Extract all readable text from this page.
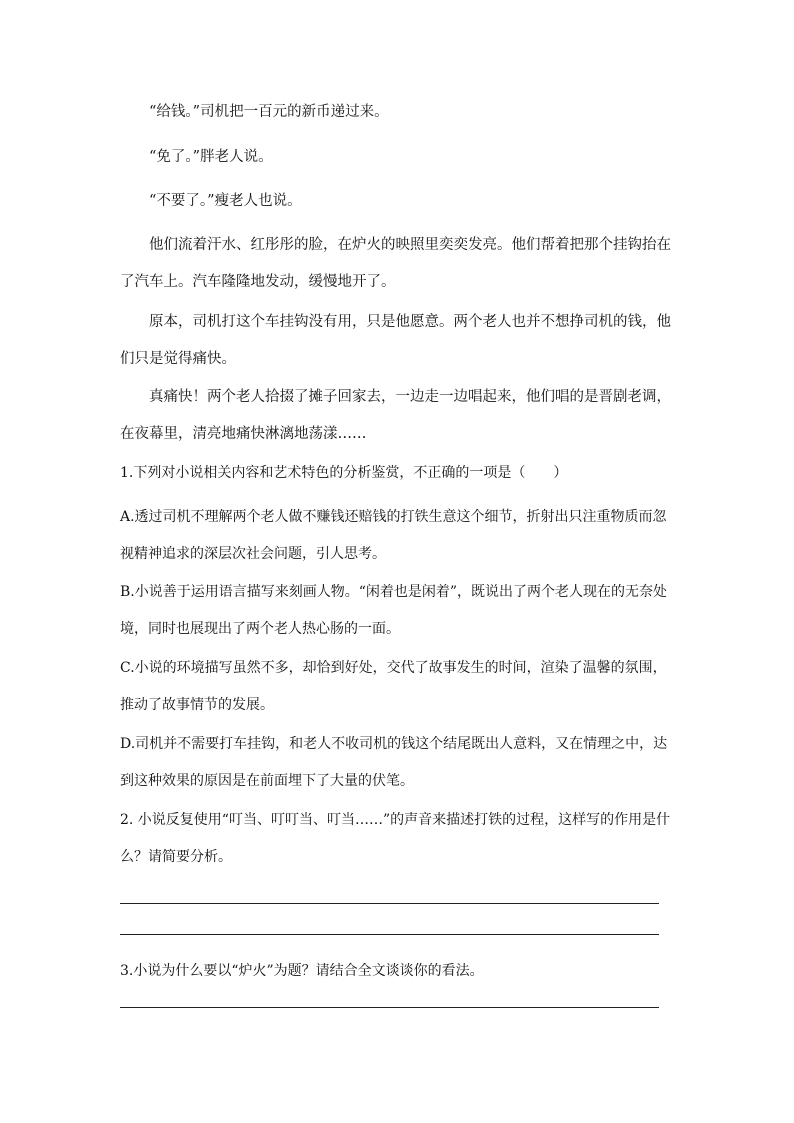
“给钱。”司机把一百元的新币递过来。
“免了。”胖老人说。
“不要了。”瘦老人也说。
他们流着汗水、红彤彤的脸，在炉火的映照里奕奕发亮。他们帮着把那个挂钩抬在了汽车上。汽车隆隆地发动，缓慢地开了。
原本，司机打这个车挂钩没有用，只是他愿意。两个老人也并不想挣司机的钱，他们只是觉得痛快。
真痛快！两个老人拾掇了摊子回家去，一边走一边唱起来，他们唱的是晋剧老调，在夜幕里，清亮地痛快淋漓地荡漾……
1.下列对小说相关内容和艺术特色的分析鉴赏，不正确的一项是（　　）
A.透过司机不理解两个老人做不赚钱还赔钱的打铁生意这个细节，折射出只注重物质而忽视精神追求的深层次社会问题，引人思考。
B.小说善于运用语言描写来刻画人物。“闲着也是闲着”，既说出了两个老人现在的无奈处境，同时也展现出了两个老人热心肠的一面。
C.小说的环境描写虽然不多，却恰到好处，交代了故事发生的时间，渲染了温馨的氛围，推动了故事情节的发展。
D.司机并不需要打车挂钩，和老人不收司机的钱这个结尾既出人意料，又在情理之中，达到这种效果的原因是在前面埋下了大量的伏笔。
2. 小说反复使用“叮当、叮叮当、叮当……”的声音来描述打铁的过程，这样写的作用是什么？请简要分析。
3.小说为什么要以“炉火”为题？请结合全文谈谈你的看法。
